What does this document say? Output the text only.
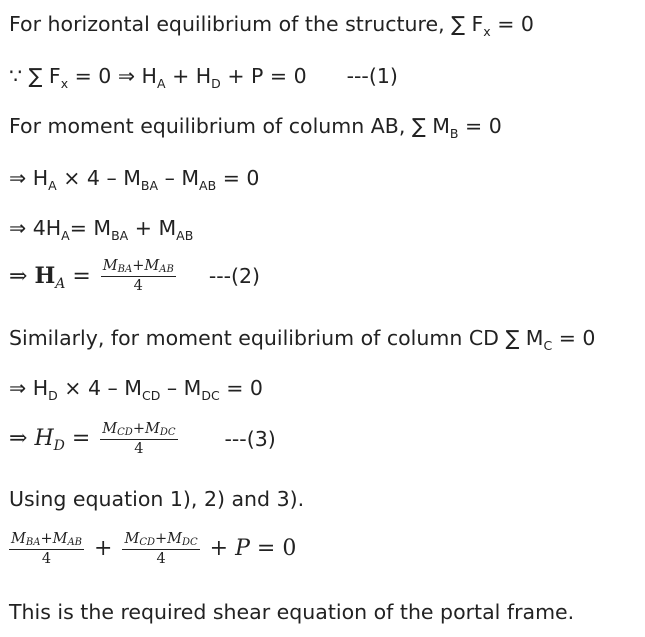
For horizontal equilibrium of the structure, ∑ $F_x = 0$
∵ ∑ $F_x = 0$ ⇒ $H_A + H_D + P = 0$ ---(1)
For moment equilibrium of column AB, ∑ $M_B = 0$
⇒ $H_A \times 4 - M_{BA} - M_{AB} = 0$
⇒ $4H_A= M_{BA} + M_{AB}$
⇒ $H_A = \frac{\text{MBA+MAB}}{4} ---(2)$
Similarly, for moment equilibrium of column CD ∑ $M_C = 0$
⇒ $H_D \times 4 - M_{CD} - M_{DC} = 0$
⇒ $H_D = \frac{\text{MCD+MDC}}{4} ---(3)$
Using equation 1), 2) and 3).
$\frac{\text{MBA+MAB}}{4} + \frac{\text{MCD+MDC}}{4} + P = 0$
This is the required shear equation of the portal frame.
